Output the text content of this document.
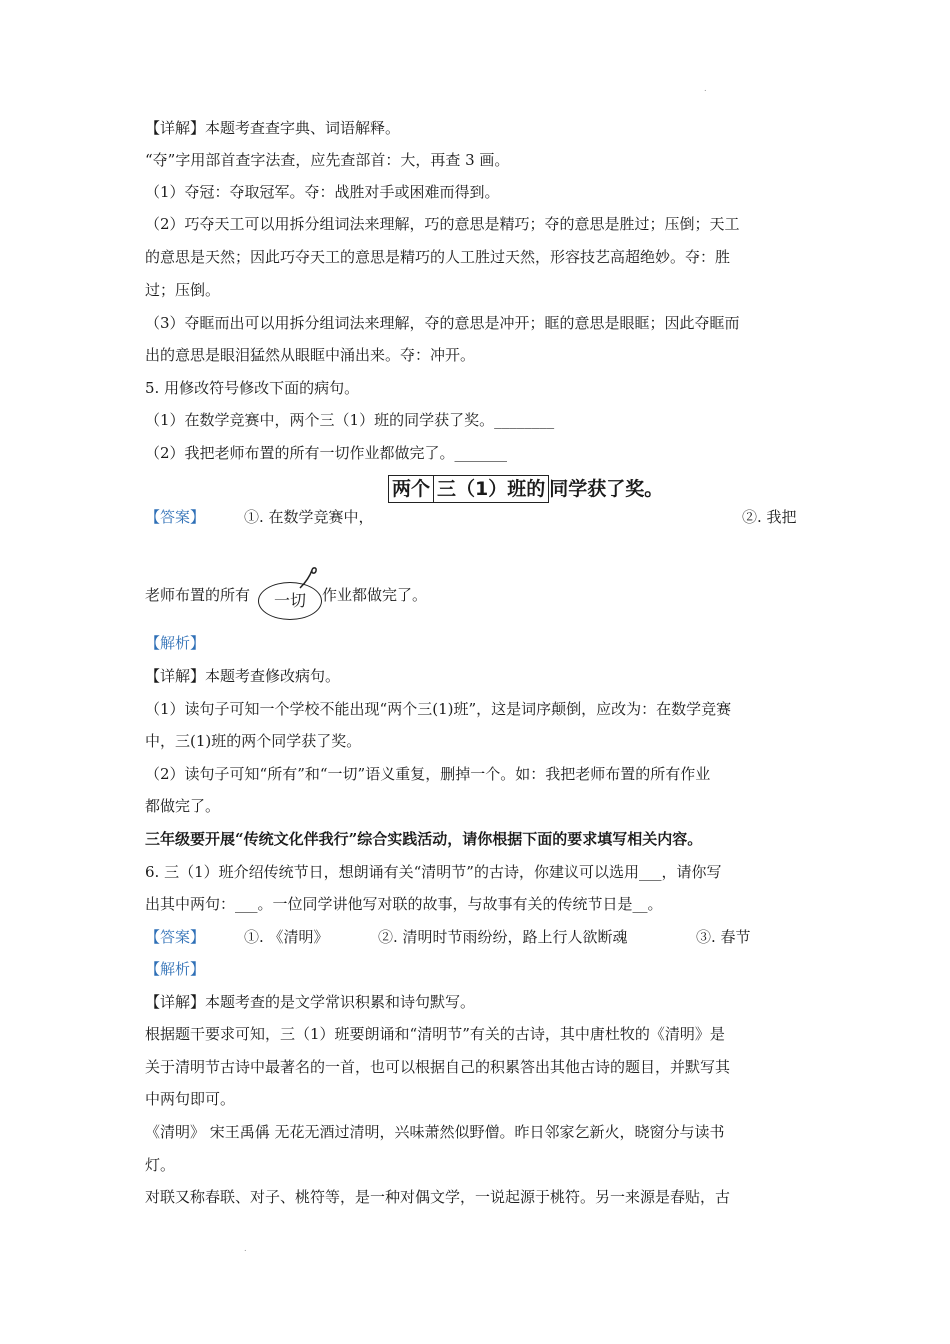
.
【详解】本题考查查字典、词语解释。
“夺”字用部首查字法查，应先查部首：大，再查 3 画。
（1）夺冠：夺取冠军。夺：战胜对手或困难而得到。
（2）巧夺天工可以用拆分组词法来理解，巧的意思是精巧；夺的意思是胜过；压倒；天工
的意思是天然；因此巧夺天工的意思是精巧的人工胜过天然，形容技艺高超绝妙。夺：胜
过；压倒。
（3）夺眶而出可以用拆分组词法来理解，夺的意思是冲开；眶的意思是眼眶；因此夺眶而
出的意思是眼泪猛然从眼眶中涌出来。夺：冲开。
5. 用修改符号修改下面的病句。
（1）在数学竞赛中，两个三（1）班的同学获了奖。________
（2）我把老师布置的所有一切作业都做完了。_______
两个 三（1）班的 同学获了奖。
【答案】	①. 在数学竞赛中，	②. 我把
老师布置的所有	一切	作业都做完了。
【解析】
【详解】本题考查修改病句。
（1）读句子可知一个学校不能出现“两个三(1)班”，这是词序颠倒，应改为：在数学竞赛
中，三(1)班的两个同学获了奖。
（2）读句子可知“所有”和“一切”语义重复，删掉一个。如：我把老师布置的所有作业
都做完了。
三年级要开展“传统文化伴我行”综合实践活动，请你根据下面的要求填写相关内容。
6. 三（1）班介绍传统节日，想朗诵有关“清明节”的古诗，你建议可以选用___，请你写
出其中两句：___。一位同学讲他写对联的故事，与故事有关的传统节日是__。
【答案】	①. 《清明》	②. 清明时节雨纷纷，路上行人欲断魂	③. 春节
【解析】
【详解】本题考查的是文学常识积累和诗句默写。
根据题干要求可知，三（1）班要朗诵和“清明节”有关的古诗，其中唐杜牧的《清明》是
关于清明节古诗中最著名的一首，也可以根据自己的积累答出其他古诗的题目，并默写其
中两句即可。
《清明》 宋王禹偁 无花无酒过清明，兴味萧然似野僧。昨日邻家乞新火，晓窗分与读书
灯。
对联又称春联、对子、桃符等，是一种对偶文学，一说起源于桃符。另一来源是春贴，古
.
